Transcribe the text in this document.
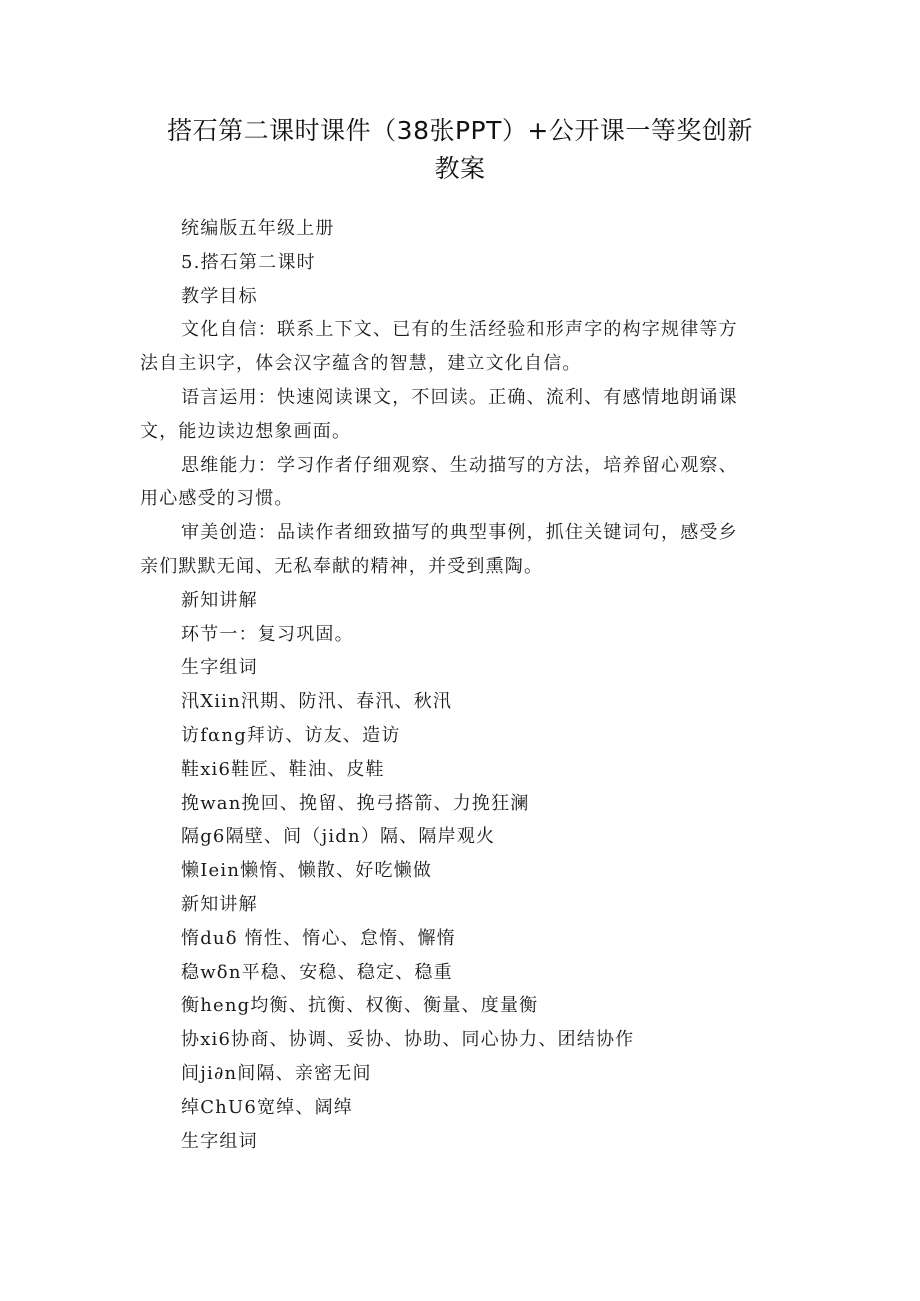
搭石第二课时课件（38张PPT）+公开课一等奖创新
教案
统编版五年级上册
5.搭石第二课时
教学目标
文化自信：联系上下文、已有的生活经验和形声字的构字规律等方
法自主识字，体会汉字蕴含的智慧，建立文化自信。
语言运用：快速阅读课文，不回读。正确、流利、有感情地朗诵课
文，能边读边想象画面。
思维能力：学习作者仔细观察、生动描写的方法，培养留心观察、
用心感受的习惯。
审美创造：品读作者细致描写的典型事例，抓住关键词句，感受乡
亲们默默无闻、无私奉献的精神，并受到熏陶。
新知讲解
环节一：复习巩固。
生字组词
汛Xiin汛期、防汛、春汛、秋汛
访fαng拜访、访友、造访
鞋xi6鞋匠、鞋油、皮鞋
挽wan挽回、挽留、挽弓搭箭、力挽狂澜
隔g6隔壁、间（jidn）隔、隔岸观火
懒Iein懒惰、懒散、好吃懒做
新知讲解
惰duδ 惰性、惰心、怠惰、懈惰
稳wδn平稳、安稳、稳定、稳重
衡heng均衡、抗衡、权衡、衡量、度量衡
协xi6协商、协调、妥协、协助、同心协力、团结协作
间ji∂n间隔、亲密无间
绰ChU6宽绰、阔绰
生字组词
